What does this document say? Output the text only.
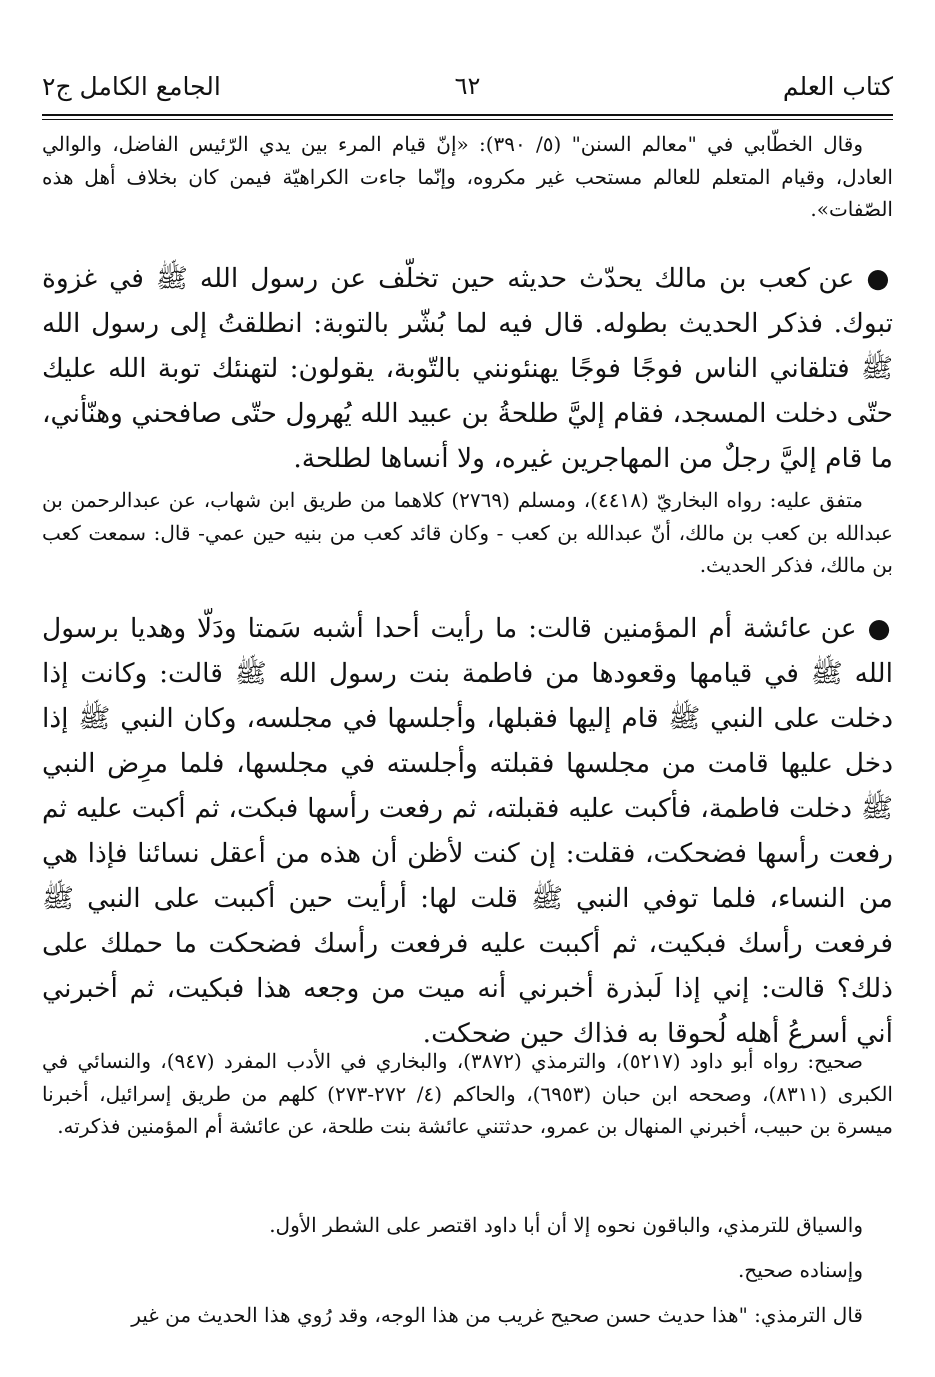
كتاب العلم
٦٢
الجامع الكامل ج٢

وقال الخطّابي في "معالم السنن" (٥/ ٣٩٠): «إنّ قيام المرء بين يدي الرّئيس الفاضل، والوالي العادل، وقيام المتعلم للعالم مستحب غير مكروه، وإنّما جاءت الكراهيّة فيمن كان بخلاف أهل هذه الصّفات».

● عن كعب بن مالك يحدّث حديثه حين تخلّف عن رسول الله ﷺ في غزوة تبوك. فذكر الحديث بطوله. قال فيه لما بُشّر بالتوبة: انطلقتُ إلى رسول الله ﷺ فتلقاني الناس فوجًا فوجًا يهنئونني بالتّوبة، يقولون: لتهنئك توبة الله عليك حتّى دخلت المسجد، فقام إليَّ طلحةُ بن عبيد الله يُهرول حتّى صافحني وهنّأني، ما قام إليَّ رجلٌ من المهاجرين غيره، ولا أنساها لطلحة.

متفق عليه: رواه البخاريّ (٤٤١٨)، ومسلم (٢٧٦٩) كلاهما من طريق ابن شهاب، عن عبدالرحمن بن عبدالله بن كعب بن مالك، أنّ عبدالله بن كعب - وكان قائد كعب من بنيه حين عمي- قال: سمعت كعب بن مالك، فذكر الحديث.

● عن عائشة أم المؤمنين قالت: ما رأيت أحدا أشبه سَمتا ودَلّا وهديا برسول الله ﷺ في قيامها وقعودها من فاطمة بنت رسول الله ﷺ قالت: وكانت إذا دخلت على النبي ﷺ قام إليها فقبلها، وأجلسها في مجلسه، وكان النبي ﷺ إذا دخل عليها قامت من مجلسها فقبلته وأجلسته في مجلسها، فلما مرِض النبي ﷺ دخلت فاطمة، فأكبت عليه فقبلته، ثم رفعت رأسها فبكت، ثم أكبت عليه ثم رفعت رأسها فضحكت، فقلت: إن كنت لأظن أن هذه من أعقل نسائنا فإذا هي من النساء، فلما توفي النبي ﷺ قلت لها: أرأيت حين أكببت على النبي ﷺ فرفعت رأسك فبكيت، ثم أكببت عليه فرفعت رأسك فضحكت ما حملك على ذلك؟ قالت: إني إذا لَبذرة أخبرني أنه ميت من وجعه هذا فبكيت، ثم أخبرني أني أسرعُ أهله لُحوقا به فذاك حين ضحكت.

صحيح: رواه أبو داود (٥٢١٧)، والترمذي (٣٨٧٢)، والبخاري في الأدب المفرد (٩٤٧)، والنسائي في الكبرى (٨٣١١)، وصححه ابن حبان (٦٩٥٣)، والحاكم (٤/ ٢٧٢-٢٧٣) كلهم من طريق إسرائيل، أخبرنا ميسرة بن حبيب، أخبرني المنهال بن عمرو، حدثتني عائشة بنت طلحة، عن عائشة أم المؤمنين فذكرته.

والسياق للترمذي، والباقون نحوه إلا أن أبا داود اقتصر على الشطر الأول.

وإسناده صحيح.

قال الترمذي: "هذا حديث حسن صحيح غريب من هذا الوجه، وقد رُوي هذا الحديث من غير
